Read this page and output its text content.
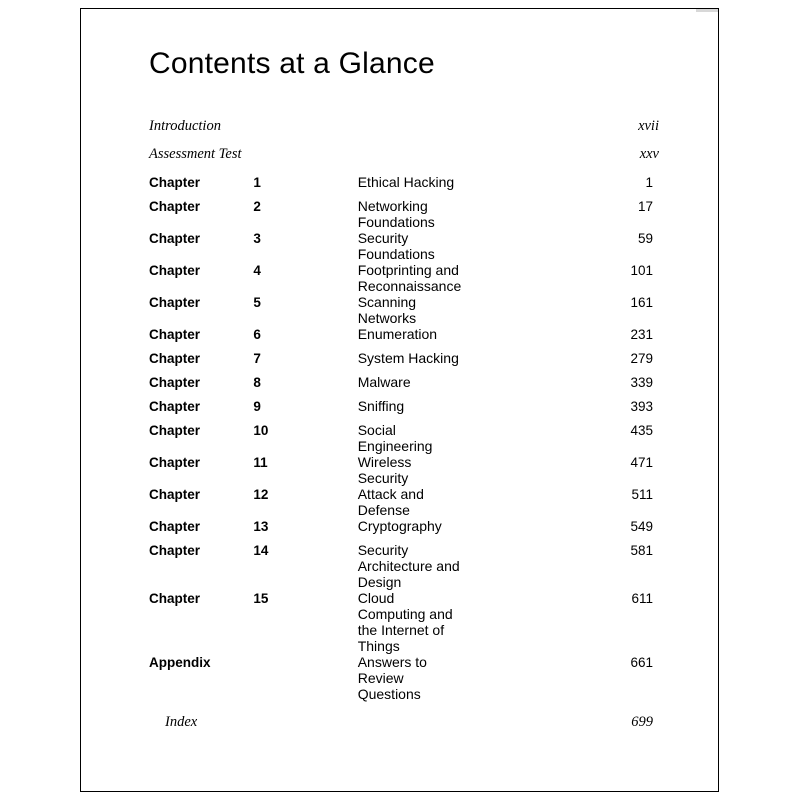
Contents at a Glance
Introduction			xvii
Assessment Test			xxv
Chapter	1	Ethical Hacking	1
Chapter	2	Networking Foundations	17
Chapter	3	Security Foundations	59
Chapter	4	Footprinting and Reconnaissance	101
Chapter	5	Scanning Networks	161
Chapter	6	Enumeration	231
Chapter	7	System Hacking	279
Chapter	8	Malware	339
Chapter	9	Sniffing	393
Chapter	10	Social Engineering	435
Chapter	11	Wireless Security	471
Chapter	12	Attack and Defense	511
Chapter	13	Cryptography	549
Chapter	14	Security Architecture and Design	581
Chapter	15	Cloud Computing and the Internet of Things	611
Appendix		Answers to Review Questions	661

Index			699
